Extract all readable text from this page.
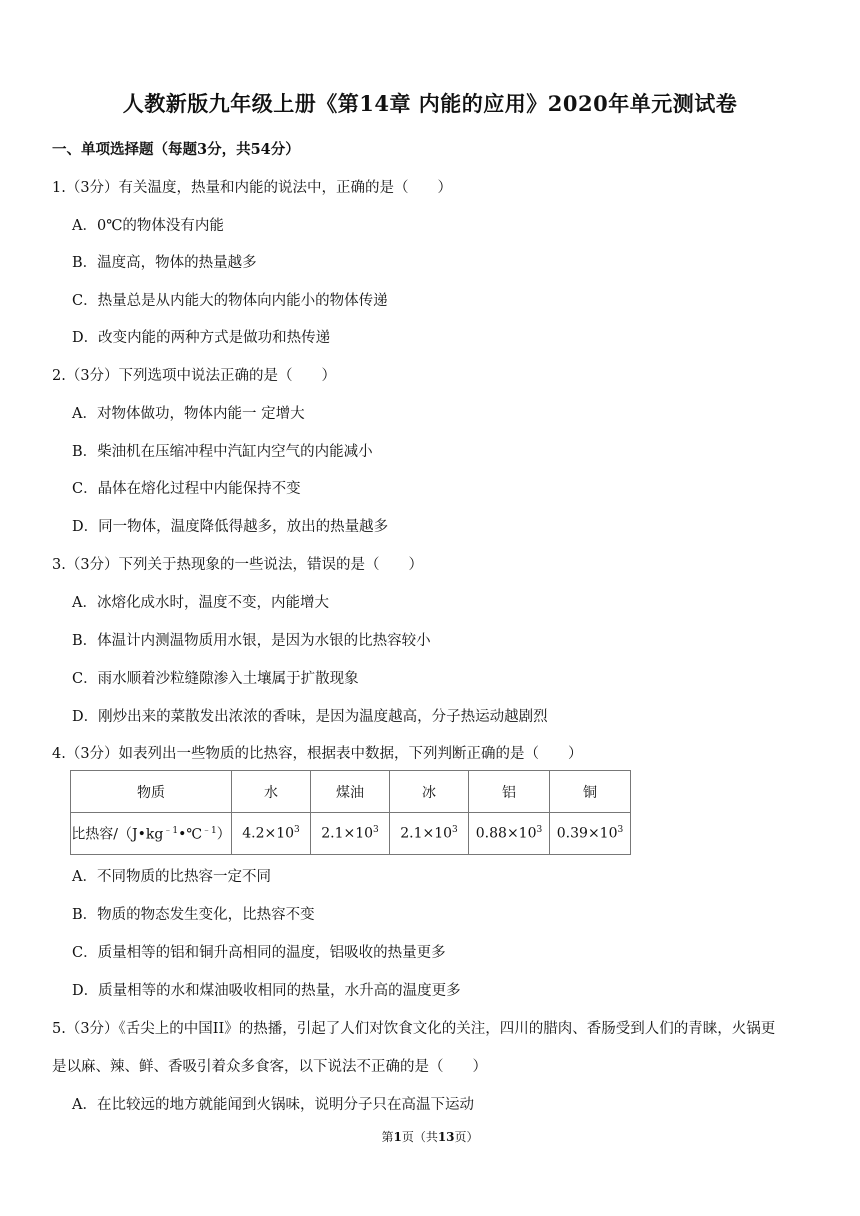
人教新版九年级上册《第14章 内能的应用》2020年单元测试卷
一、单项选择题（每题3分，共54分）
1.（3分）有关温度，热量和内能的说法中，正确的是（　　）
A．0℃的物体没有内能
B．温度高，物体的热量越多
C．热量总是从内能大的物体向内能小的物体传递
D．改变内能的两种方式是做功和热传递
2.（3分）下列选项中说法正确的是（　　）
A．对物体做功，物体内能一 定增大
B．柴油机在压缩冲程中汽缸内空气的内能减小
C．晶体在熔化过程中内能保持不变
D．同一物体，温度降低得越多，放出的热量越多
3.（3分）下列关于热现象的一些说法，错误的是（　　）
A．冰熔化成水时，温度不变，内能增大
B．体温计内测温物质用水银，是因为水银的比热容较小
C．雨水顺着沙粒缝隙渗入土壤属于扩散现象
D．刚炒出来的菜散发出浓浓的香味，是因为温度越高，分子热运动越剧烈
4.（3分）如表列出一些物质的比热容，根据表中数据，下列判断正确的是（　　）
物质	水	煤油	冰	铝	铜
比热容$/(J•kg^{﹣1}•℃^{﹣1})$	$4.2\times 10^3$	$2.1\times 10^3$	$2.1\times 10^3$	$0.88\times 10^3$	$0.39\times 10^3$
A．不同物质的比热容一定不同
B．物质的物态发生变化，比热容不变
C．质量相等的铝和铜升高相同的温度，铝吸收的热量更多
D．质量相等的水和煤油吸收相同的热量，水升高的温度更多
5.（3分）《舌尖上的中国II》的热播，引起了人们对饮食文化的关注，四川的腊肉、香肠受到人们的青睐，火锅更
是以麻、辣、鲜、香吸引着众多食客，以下说法不正确的是（　　）
A．在比较远的地方就能闻到火锅味，说明分子只在高温下运动
第1页（共13页）
